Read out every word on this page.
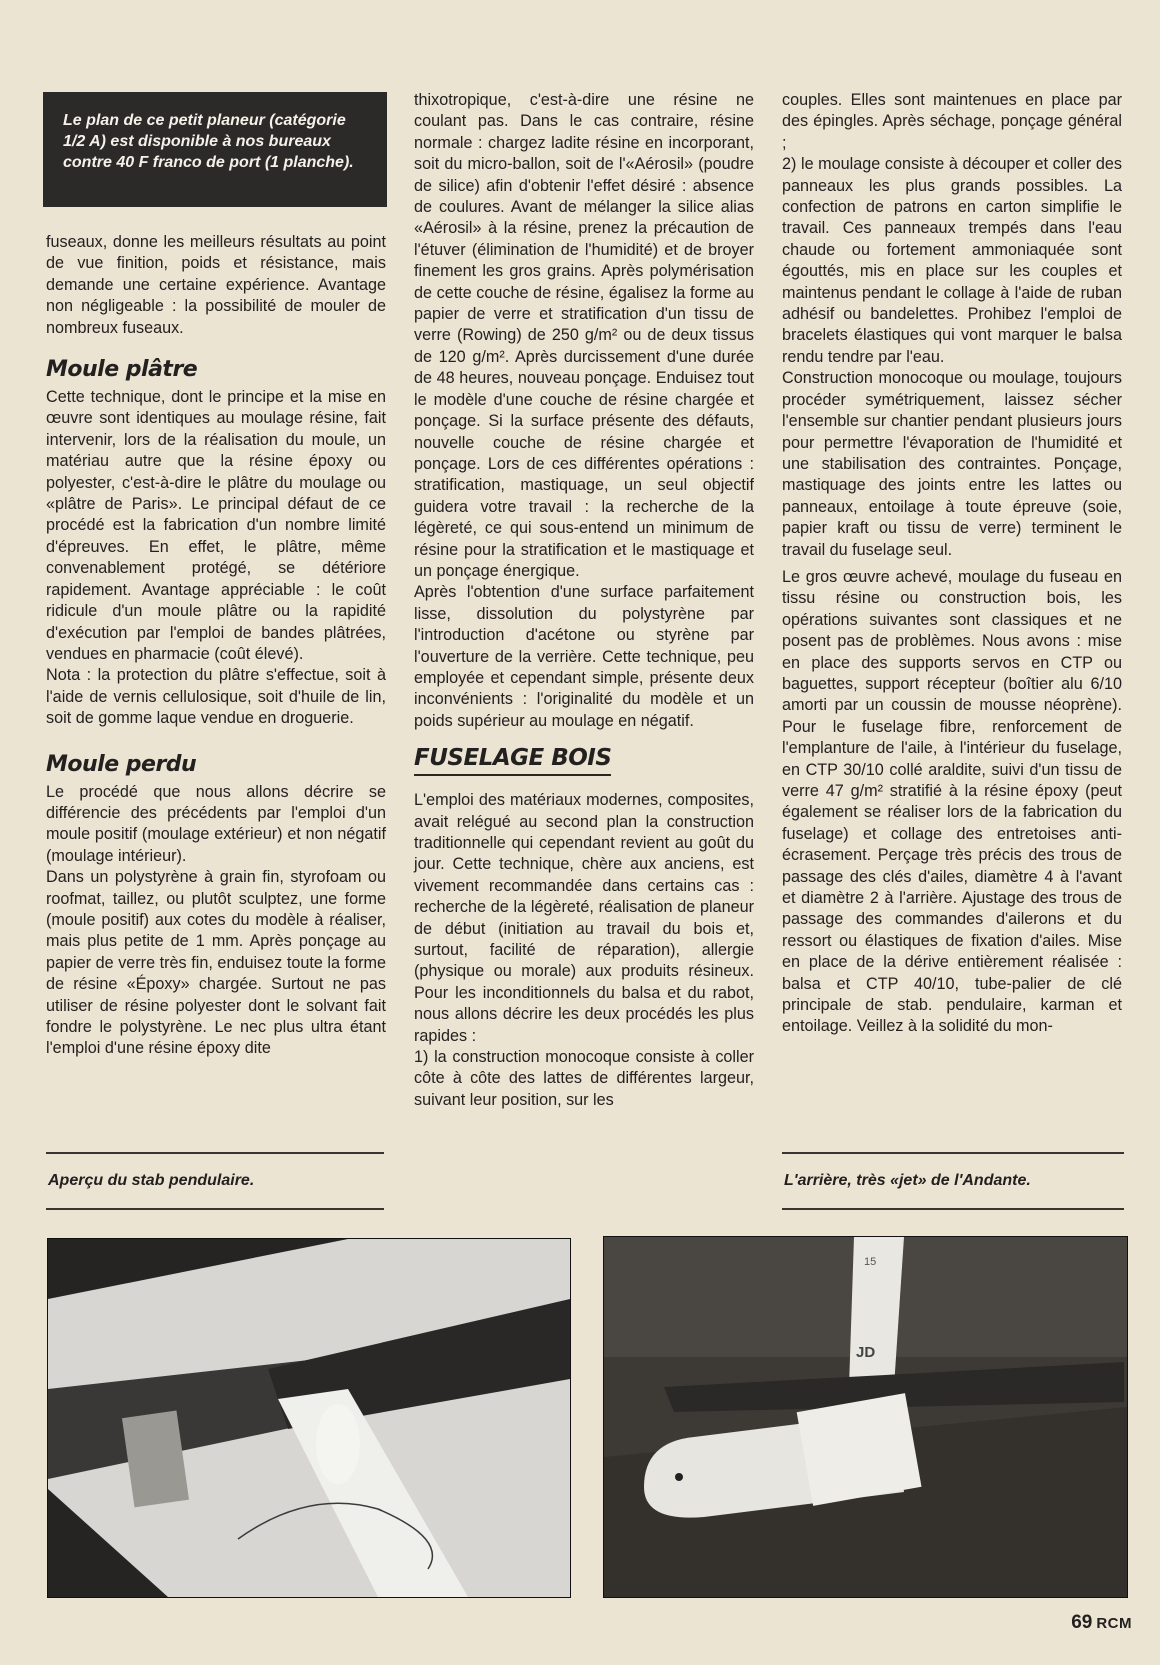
Le plan de ce petit planeur (catégorie 1/2 A) est disponible à nos bureaux contre 40 F franco de port (1 planche).

fuseaux, donne les meilleurs résultats au point de vue finition, poids et résistance, mais demande une certaine expérience. Avantage non négligeable : la possibilité de mouler de nombreux fuseaux.

Moule plâtre

Cette technique, dont le principe et la mise en œuvre sont identiques au moulage résine, fait intervenir, lors de la réalisation du moule, un matériau autre que la résine époxy ou polyester, c'est-à-dire le plâtre du moulage ou «plâtre de Paris». Le principal défaut de ce procédé est la fabrication d'un nombre limité d'épreuves. En effet, le plâtre, même convenablement protégé, se détériore rapidement. Avantage appréciable : le coût ridicule d'un moule plâtre ou la rapidité d'exécution par l'emploi de bandes plâtrées, vendues en pharmacie (coût élevé).

Nota : la protection du plâtre s'effectue, soit à l'aide de vernis cellulosique, soit d'huile de lin, soit de gomme laque vendue en droguerie.

Moule perdu

Le procédé que nous allons décrire se différencie des précédents par l'emploi d'un moule positif (moulage extérieur) et non négatif (moulage intérieur).

Dans un polystyrène à grain fin, styrofoam ou roofmat, taillez, ou plutôt sculptez, une forme (moule positif) aux cotes du modèle à réaliser, mais plus petite de 1 mm. Après ponçage au papier de verre très fin, enduisez toute la forme de résine «Époxy» chargée. Surtout ne pas utiliser de résine polyester dont le solvant fait fondre le polystyrène. Le nec plus ultra étant l'emploi d'une résine époxy dite

thixotropique, c'est-à-dire une résine ne coulant pas. Dans le cas contraire, résine normale : chargez ladite résine en incorporant, soit du micro-ballon, soit de l'«Aérosil» (poudre de silice) afin d'obtenir l'effet désiré : absence de coulures. Avant de mélanger la silice alias «Aérosil» à la résine, prenez la précaution de l'étuver (élimination de l'humidité) et de broyer finement les gros grains. Après polymérisation de cette couche de résine, égalisez la forme au papier de verre et stratification d'un tissu de verre (Rowing) de 250 g/m² ou de deux tissus de 120 g/m². Après durcissement d'une durée de 48 heures, nouveau ponçage. Enduisez tout le modèle d'une couche de résine chargée et ponçage. Si la surface présente des défauts, nouvelle couche de résine chargée et ponçage. Lors de ces différentes opérations : stratification, mastiquage, un seul objectif guidera votre travail : la recherche de la légèreté, ce qui sous-entend un minimum de résine pour la stratification et le mastiquage et un ponçage énergique.

Après l'obtention d'une surface parfaitement lisse, dissolution du polystyrène par l'introduction d'acétone ou styrène par l'ouverture de la verrière. Cette technique, peu employée et cependant simple, présente deux inconvénients : l'originalité du modèle et un poids supérieur au moulage en négatif.

FUSELAGE BOIS

L'emploi des matériaux modernes, composites, avait relégué au second plan la construction traditionnelle qui cependant revient au goût du jour. Cette technique, chère aux anciens, est vivement recommandée dans certains cas : recherche de la légèreté, réalisation de planeur de début (initiation au travail du bois et, surtout, facilité de réparation), allergie (physique ou morale) aux produits résineux. Pour les inconditionnels du balsa et du rabot, nous allons décrire les deux procédés les plus rapides :

1) la construction monocoque consiste à coller côte à côte des lattes de différentes largeur, suivant leur position, sur les

couples. Elles sont maintenues en place par des épingles. Après séchage, ponçage général ;

2) le moulage consiste à découper et coller des panneaux les plus grands possibles. La confection de patrons en carton simplifie le travail. Ces panneaux trempés dans l'eau chaude ou fortement ammoniaquée sont égouttés, mis en place sur les couples et maintenus pendant le collage à l'aide de ruban adhésif ou bandelettes. Prohibez l'emploi de bracelets élastiques qui vont marquer le balsa rendu tendre par l'eau.

Construction monocoque ou moulage, toujours procéder symétriquement, laissez sécher l'ensemble sur chantier pendant plusieurs jours pour permettre l'évaporation de l'humidité et une stabilisation des contraintes. Ponçage, mastiquage des joints entre les lattes ou panneaux, entoilage à toute épreuve (soie, papier kraft ou tissu de verre) terminent le travail du fuselage seul.

Le gros œuvre achevé, moulage du fuseau en tissu résine ou construction bois, les opérations suivantes sont classiques et ne posent pas de problèmes. Nous avons : mise en place des supports servos en CTP ou baguettes, support récepteur (boîtier alu 6/10 amorti par un coussin de mousse néoprène). Pour le fuselage fibre, renforcement de l'emplanture de l'aile, à l'intérieur du fuselage, en CTP 30/10 collé araldite, suivi d'un tissu de verre 47 g/m² stratifié à la résine époxy (peut également se réaliser lors de la fabrication du fuselage) et collage des entretoises anti-écrasement. Perçage très précis des trous de passage des clés d'ailes, diamètre 4 à l'avant et diamètre 2 à l'arrière. Ajustage des trous de passage des commandes d'ailerons et du ressort ou élastiques de fixation d'ailes. Mise en place de la dérive entièrement réalisée : balsa et CTP 40/10, tube-palier de clé principale de stab. pendulaire, karman et entoilage. Veillez à la solidité du mon-

Aperçu du stab pendulaire.	L'arrière, très «jet» de l'Andante.
15
JD
69 RCM
